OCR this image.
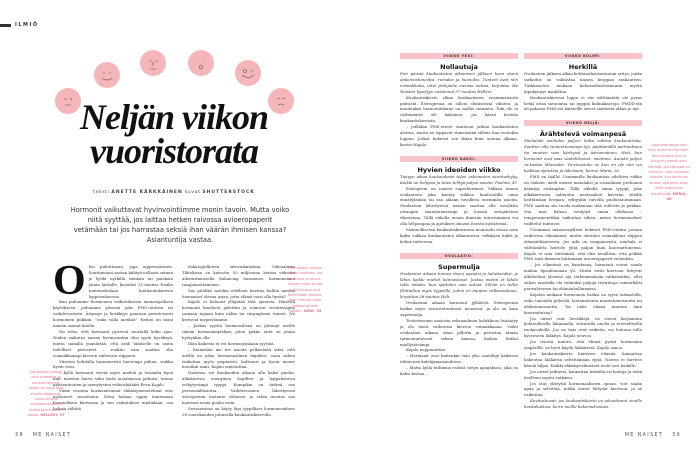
ILMIÖ
Neljän viikon
vuoristorata
teksti ANETTE KÄRKKÄINEN kuvat SHUTTERSTOCK
Hormonit vaikuttavat hyvinvointiimme monin tavoin. Mutta voiko niitä syyttää, jos laittaa hetken raivossa avioeropaperit vetämään tai jos harrastaa seksiä ihan väärän ihmisen kanssa? Asiantuntija vastaa.
O len puhuttuaan, jopa aggressiivinen. Suuttumiani saatan kiihtyä nollasta sataan jo lyödä nyrkillä seinään tai paiskata jotain lattialle, kuvailee 21-vuotias Emilia tuntemuksiaan kuukautiskierron loppuvaiheessa.

Kun puhumme hormonien vaikutuksesta mumaisjallisen käytökseen, puhumme yleensä joko PMS-oireista tai vaihdevuosista. Ärtymys ja herkkyys panraan perinteisesti hormonien piikkiin: "onko sulla menkat" -heiton on moni nainen saanut kuulla.

On totta, että hormonit pyörivät taustalla koko ajan. Niiden vaikutus naisen hyvinvointiin olisi syytä hyväksyä, mutta samalla ymmärtää, että äräh tämiselle on usein todelliset perusteet – reaktio vain saattaa olla voimakkaampi kierron vaiheesta riippuen.

Miesten kohdalla hormoneista harvempi puhuu, vaikka hyvin voisi.

– Kyllä hormonit vievät myös miehiä ja toisaalta hyvä niin: miesten harva suku tästä maailmassa jatkuisi, toteaa naistentautien ja synnytysten erikoislääkäri Eeva Kajalo.

Viime vuosina hormonitrumat ehkäisymenetelmät ovat nostaneet suosiotaan. Moni haluaa oppia tuntemaan luonnollisen kiertonsa ja sen vaikutukset mielialaan, osa haluaa välttää

ehkäisypillerien sivuvaikutuksia. Videoalusta Tiktokissa on katsottu 50 miljoonaa kertaa videoita aiheturinnistella balancing hormones, hormonemen tasapainottaminen.

Siis pitäkkö meidän edelleen koettaa hallita meissä luonnaiset olevaa asiaa, jotta elämä voisi olla hyvää?

Kajalo ei haluaisi ylläpitää tätä ajatusta. Hänestä hormonit kuuluvat palettiin ja toimivat viestinviäjinä samaan tapaan kuin nälän tai väsymyksen tunnet. Ne kertovat tarpeistamme.

– Joskus syystä luonnosalisna on jättänyt meille tämän hormonimyrskyn, joten pakko niitä on jotain hyötyäkin olla.

Ihan kaikesta ei voi hormonejakaan syyttää.

– Emmehän me tee asioita pelkästään siksi, että meillä on jokin hormonaalinen impulssi, vaan siihen vaikuttaa myös ympäristö, kulttuuri ja hyvin monet muutkin asiat, Kajalo muistuttaa.

Naisessa voi kuukauden aikana olla kaksi puolta: alkukierron energinen ilopilleri ja loppukierron veläytyvämpi tyyppi. Kumpikin on tärkeä osa persoonallisuutta. Vaihdevuosien lähestyessä estrogeenin tuotanto vähenee, ja sekin muutos saa naisessa uusia puolia esiin.

Seuraavassa on käyty läpi tyypilliset hormonivaiheet 28 vuorokauden pituisella kuukautiskierrolla.

PMS-aikaan inhoan itseäni kaikkea, ulo on ihovo ja etovo. Inhoan myös muita eikä halua puhua kenenkään kanssa, vaan menisin vain viikoksi omaan luolaan. KIRA, 35
Ovulaation aikaan olen toimelias ja hormos täynnä. Silloin on hyvä aika siivota kaappeja, uusia pihoita kukkapenkkejä ja tehdä pitkiä päiviä töissä. HELLEVI, 37
38 ME NAISET
VIIKKO YKSI:
Nollautuja

Pari päivää kuukautisten alkamisen jälkeen koen itseni epäonnistuneeksi, rumaksi ja huonoksi. Tunteet ovat niin voimakkaita, etteí järkipuhe meinaa auttaa, kirjoittaa Me Naisten kyselyyn vastannut 37-vuotias Hellevi.

Kuukautiskierto alkaa kuukautisten ensimmäisestä päivästä. Estrogeenia on silloin elimistössä vähiten, ja muutenkin hormonitilanne on melko tasainen. Toki olo ei välttämättä ole kaksinen, jos kärsii kovista kuukautiskivuista.

– Joillakin PMS-oireet saattavat jatkua kuukautisten alettua, mutta ne loppuvat viimeistään silloin, kun vuotokin loppuu. Jotkut kokevat sen ikään kuin uutena alkuna, kertoo Kajalo.

VIIKKO KAKSI:
Hyvien ideoiden viikko

Tietyyn aikaa kuukaudesta tulee uskomaton suoritushyky. Kaikki on helppoa ja tulee tehtyä paljon asioita. Paulina, 47

Estrogeeni on naisen superhormoni. Viikkoa ennen ovulaatiota joka kentäy riikkoo kuntosalilla omia ennätyksiään tai saa aikaan tavallista enemmän asioita. Ovulaation lähestyessä naisen saattaa olla tavallista uleaapiin saunatunneempi ja loistaa sosiaalisissa tilanteissa. Tällä viikolla uusiin ihmisiin tutustuminen voi olla helpompaa ja ajatukset omasta itsestä myönteisiä.

Säännöllisessä kuukautiskierrossa munasolu irtoaa noin kaksi viikkoa kuukautisten alkamisesta -viikkojen kaksi ja kolme taitteessa.

OVULAATIO:
Supermulja

Ovulaation aikaan tunnen itseni upeaksi ja haluttavaksi, ja lähes kaikki miehet kiinnostavat. Joskus mietin et tahdo tulla mitään, kun ajattelen vain seksiä. Silloin on tullut flirttailtua myös tyypeille, joihin en muuten välkaisisikaan, kirjoittaa 38-vuotias Heli.

Ovulaation aikaan hormonit jylläävät. Estrogeenin lisäksi myös testosteronitasot nousevat, ja olo on kuin supermulja.

Testosteronin ansiosta seksuaalinen halukkuus lisääntyy ja olo tässä vaiheessa kierroa voimakkaana. Voiko ovulaation aikana ottaa pillerin ja perustaa tämän tarmonuntavasti seksin kanssa, kaiken lisäksi miellyttävämpi.

Kajalo nuppunuttaa.

– Hormonit ovat kuitenkin vain yksi osatekijä kaikessa tehtävissä kalelijamaisuudessa.

– Mutta kyllä tutkimus esittää tietyn ajanjakson, joka on kaksi kertaa...

VIIKKO KOLME:
Herkillä

Ovulaation jälkeen alkaa keltarauhashormonin eritys, jonka tarkoitus on valmistaa naisen kroppaa raskauteen. Tutkimusten mukaan keltarauhashormonin myötä kipukynnys madaltuu.

Kuukautiskierron loppu ei siis välttämättä ole paras hetki ottaa tatuointia tai nyppiä kulmakarvoja. PMDD:stä eli pahasta PMS:stä kärsiville oireet saattavat alkaa jo nyt.

VIIKKO NELJÄ:
Ärähtelevä voimanpesä

Mielialani vaihtelee paljon! kaksi viikkoa kuukautisista. Suuttun olla tunteettomampi työ, päättämällä parhauksien tai muuten vain kärttyisä ja äärimmäinen. Heti, kun hormonit ovat taas vauhdittomat, mietinne, Auraka paljon ra-kastan läheisiäni. Tarvitsisinko se kun en ole niin voi kaikkaa ajatuksia ja läheisiani, kertoo Maria, 26.

PMS on täällä! Useimmille kuukautisia edeltävä viikko on vaikein: mieli menee matalaksi ja sosiaalinen perhonen kääntyy sisäänpäin. Tällä viikolla sama tyyppi, joka alkukierrosta suhtautui neutraalisti kaveriin vitsillä heittämään herjaan, ryhtyykin raivolla puolustautumaan. PMS saattaa siis tuoda mukanaan itää roblesta ja pokkaa. Osa taas haluaa vetäytyä omiin oloihinsa – temperamenttikin vaikuttaa siihen, miten hormonaaliset vaihtelut tuntuvat.

Useimmat munasarjalliset kokevat PMS-oireita jossain vaiheessa elämäänsä, mutta oireiden voimakkuus riippuu elämäntilanteesta. Jos arki on tasapainoista, mieliala ei välttämättä heittele yhtä paljon kuin kuormittuneena. Kajalo ei osta väittämää, että olisi tavallista, että pelkkä PMS saisi ihmisen laittamaan avioeropaperit vetämään.

– Jos elämässä on haastavaa, hormonit voivat saada mailan lipsahtamaan yli. Mutta eivät kiertoon liittyvät alfahteluat yleensä aja tärkeimmäisiin ratkaisuihin, ellei siihen taustalla ole valmiiksi paljoja ristiriitoja esimerkiksi parisuhteessa tai elämänhallinnassa.

Kajalon mukaan hormonien lisäksi on syytä tarkastella, onko taustalla piilevää, hoitamatonta masentuneisuutta tai ahdistuneisuutta. Tai onko elämä muuten liian kuormittavaa?

Jos oireet ovat lievähköjä, ne voivat korjaantua kohtuullisella liikunnalla, riittävällä unella ja terveellisellä ruokavaliolla. Jos ne taas ovat vaikeita, voi hoitona tulla kyseeseen lääkitys, Kajalo neuvoo.

Jos itsestä tuntuu, että elämä pyörii hormonien ympärillä, on hyvä käydä lääkärissä, Kajalo sanoo.

Jos kuukautiskierto häiritsee elämää, kannattaa hakeutua lääkäriin selvittämään syitä. Naisen ei tarvitse kärsiä hiljaa. Kaikki ehkäisyvalmisteet eivät sovi kaikille.

Jos oireet jatkuvat, kannattaa kokeilla eri hoitoja ja etsiä itselleen sopiva ratkaisu.

Jos otat yhteyttä hormonaaliseen apuun, voit saada apua ja selvittää, mitkä oireet liittyvät kiertoon, ja se vaikuttaa.

Kuvituskuvat: jos kuukautiskierto on aiheuttanut sinulle hankaluuksia, kerro meille kokemuksistasi.

Loppukierrossa olen kuin aivan eri ihminen. Itkua tuosta vain ja ärsyyntyneenä olen kamala. Jos kämppä on sekaisin, olen vihainen kaikille. Kun kierto on alussa, ajattelen taas, ettei asialla ole merkitystä. MERJA, 46
ME NAISET 39
